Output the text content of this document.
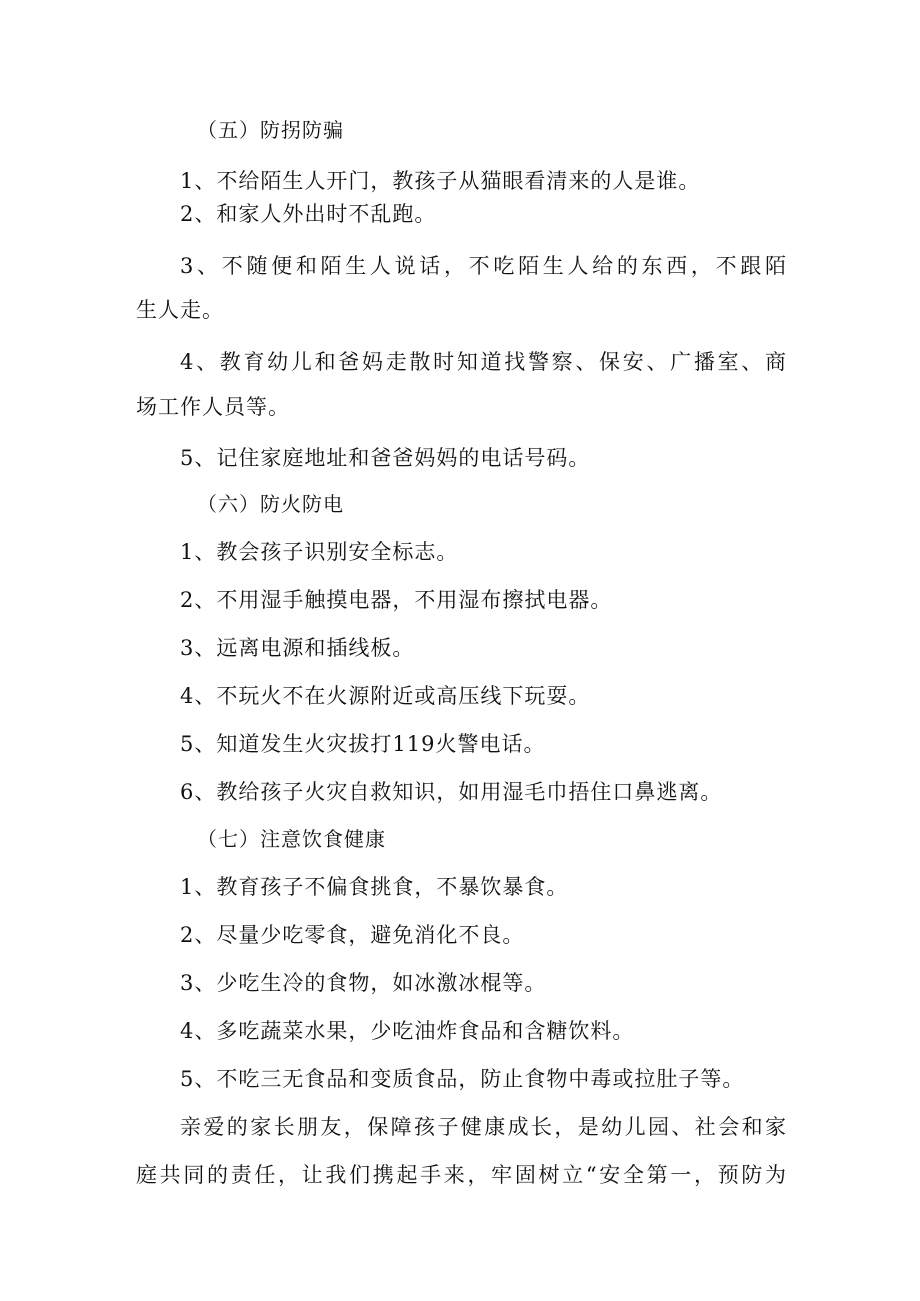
（五）防拐防骗
1、不给陌生人开门，教孩子从猫眼看清来的人是谁。
2、和家人外出时不乱跑。
3、不随便和陌生人说话，不吃陌生人给的东西，不跟陌
生人走。
4、教育幼儿和爸妈走散时知道找警察、保安、广播室、商
场工作人员等。
5、记住家庭地址和爸爸妈妈的电话号码。
（六）防火防电
1、教会孩子识别安全标志。
2、不用湿手触摸电器，不用湿布擦拭电器。
3、远离电源和插线板。
4、不玩火不在火源附近或高压线下玩耍。
5、知道发生火灾拔打119火警电话。
6、教给孩子火灾自救知识，如用湿毛巾捂住口鼻逃离。
（七）注意饮食健康
1、教育孩子不偏食挑食，不暴饮暴食。
2、尽量少吃零食，避免消化不良。
3、少吃生冷的食物，如冰激冰棍等。
4、多吃蔬菜水果，少吃油炸食品和含糖饮料。
5、不吃三无食品和变质食品，防止食物中毒或拉肚子等。
亲爱的家长朋友，保障孩子健康成长，是幼儿园、社会和家
庭共同的责任，让我们携起手来，牢固树立“安全第一，预防为
